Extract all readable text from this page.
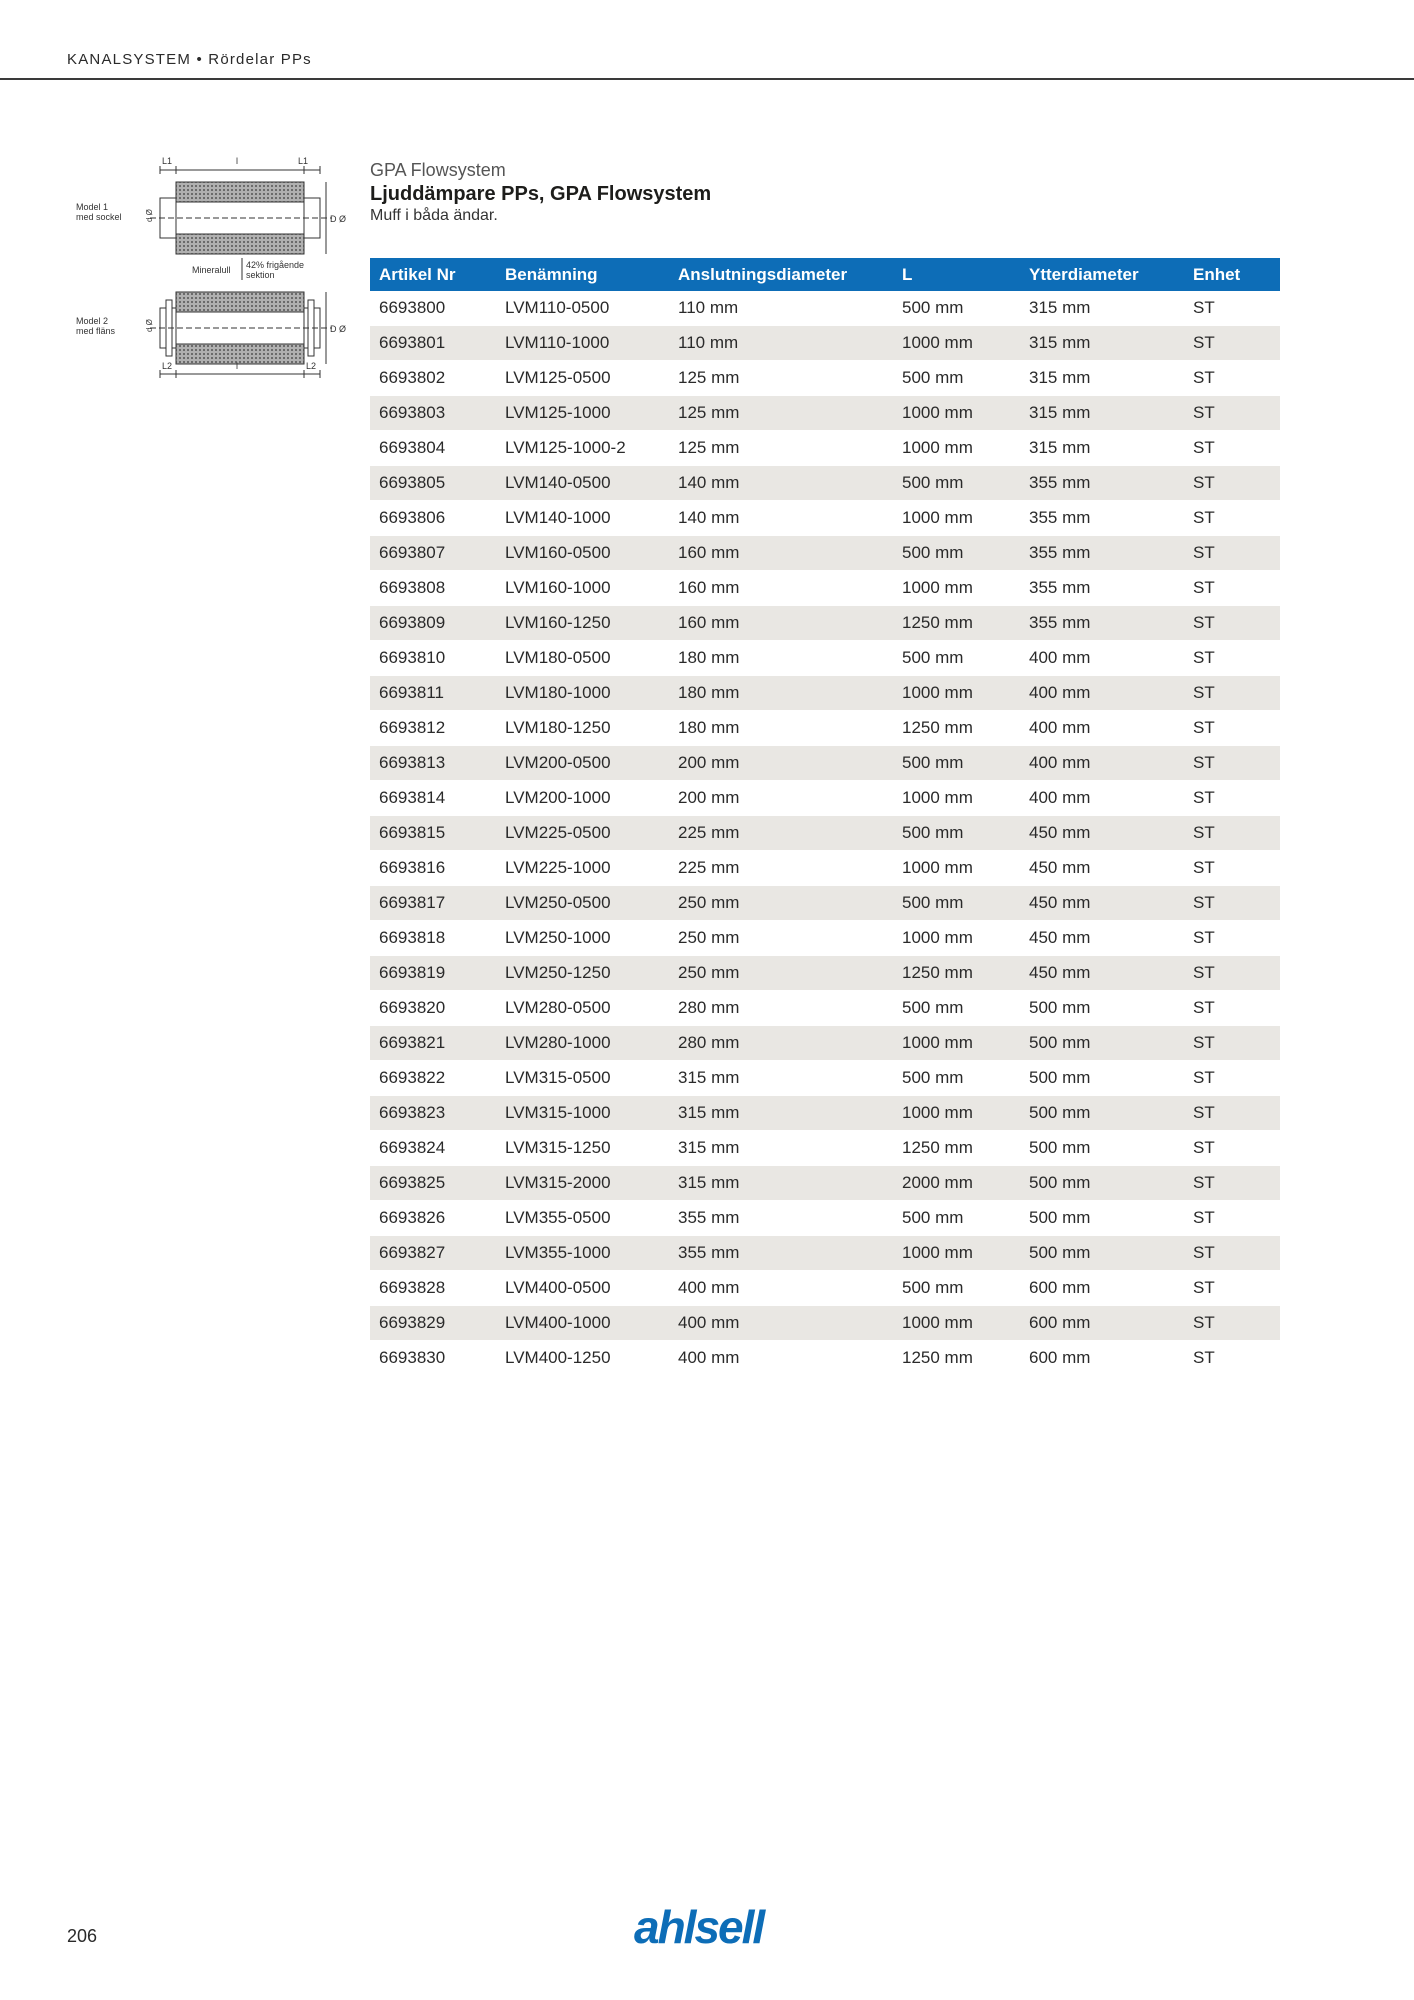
KANALSYSTEM • Rördelar PPs
L1	l	L1
D Ø
d Ø
Model 1
med sockel
Mineralull 42% frigående
sektion
D Ø
d Ø
L2	l	L2
Model 2
med fläns

GPA Flowsystem

Ljuddämpare PPs, GPA Flowsystem

Muff i båda ändar.

Artikel Nr	Benämning	Anslutningsdiameter	L	Ytterdiameter	Enhet
6693800	LVM110-0500	110 mm	500 mm	315 mm	ST
6693801	LVM110-1000	110 mm	1000 mm	315 mm	ST
6693802	LVM125-0500	125 mm	500 mm	315 mm	ST
6693803	LVM125-1000	125 mm	1000 mm	315 mm	ST
6693804	LVM125-1000-2	125 mm	1000 mm	315 mm	ST
6693805	LVM140-0500	140 mm	500 mm	355 mm	ST
6693806	LVM140-1000	140 mm	1000 mm	355 mm	ST
6693807	LVM160-0500	160 mm	500 mm	355 mm	ST
6693808	LVM160-1000	160 mm	1000 mm	355 mm	ST
6693809	LVM160-1250	160 mm	1250 mm	355 mm	ST
6693810	LVM180-0500	180 mm	500 mm	400 mm	ST
6693811	LVM180-1000	180 mm	1000 mm	400 mm	ST
6693812	LVM180-1250	180 mm	1250 mm	400 mm	ST
6693813	LVM200-0500	200 mm	500 mm	400 mm	ST
6693814	LVM200-1000	200 mm	1000 mm	400 mm	ST
6693815	LVM225-0500	225 mm	500 mm	450 mm	ST
6693816	LVM225-1000	225 mm	1000 mm	450 mm	ST
6693817	LVM250-0500	250 mm	500 mm	450 mm	ST
6693818	LVM250-1000	250 mm	1000 mm	450 mm	ST
6693819	LVM250-1250	250 mm	1250 mm	450 mm	ST
6693820	LVM280-0500	280 mm	500 mm	500 mm	ST
6693821	LVM280-1000	280 mm	1000 mm	500 mm	ST
6693822	LVM315-0500	315 mm	500 mm	500 mm	ST
6693823	LVM315-1000	315 mm	1000 mm	500 mm	ST
6693824	LVM315-1250	315 mm	1250 mm	500 mm	ST
6693825	LVM315-2000	315 mm	2000 mm	500 mm	ST
6693826	LVM355-0500	355 mm	500 mm	500 mm	ST
6693827	LVM355-1000	355 mm	1000 mm	500 mm	ST
6693828	LVM400-0500	400 mm	500 mm	600 mm	ST
6693829	LVM400-1000	400 mm	1000 mm	600 mm	ST
6693830	LVM400-1250	400 mm	1250 mm	600 mm	ST
206	ahlsell
